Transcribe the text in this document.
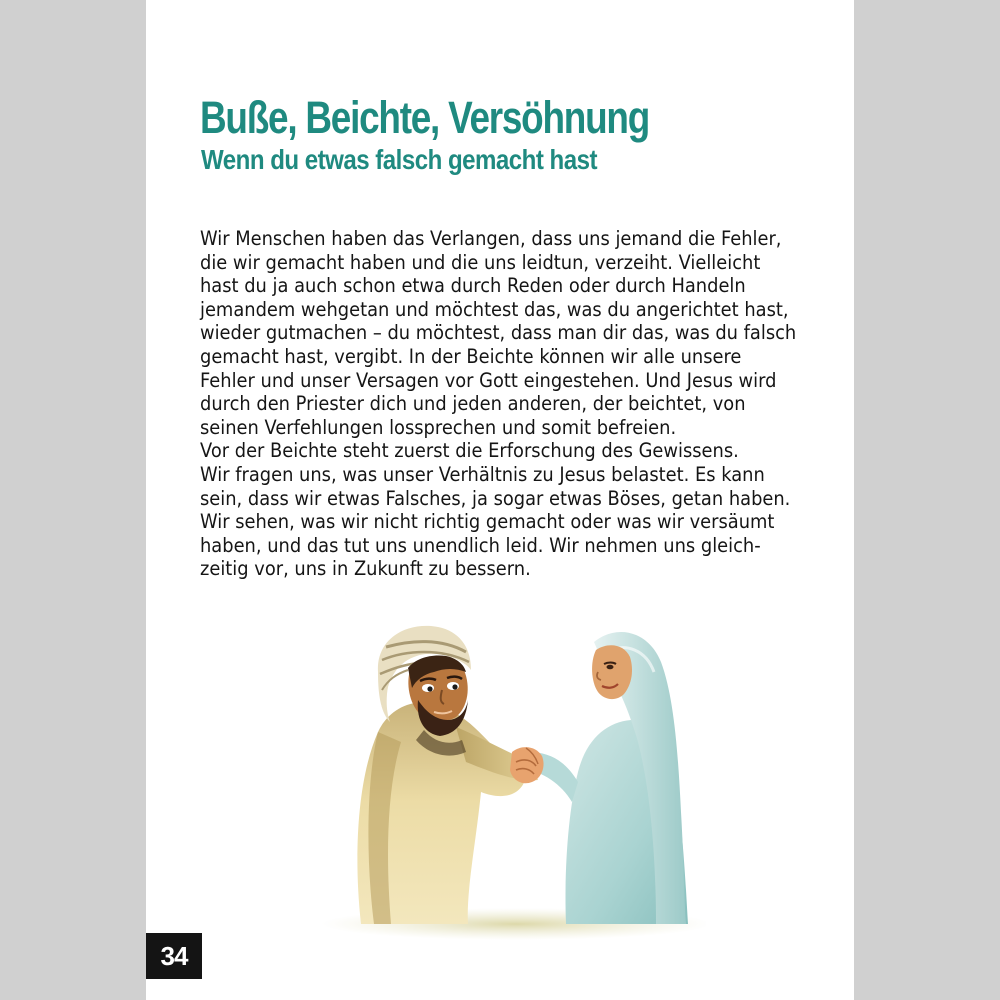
Buße, Beichte, Versöhnung
Wenn du etwas falsch gemacht hast
Wir Menschen haben das Verlangen, dass uns jemand die Fehler,
die wir gemacht haben und die uns leidtun, verzeiht. Vielleicht
hast du ja auch schon etwa durch Reden oder durch Handeln
jemandem wehgetan und möchtest das, was du angerichtet hast,
wieder gutmachen – du möchtest, dass man dir das, was du falsch
gemacht hast, vergibt. In der Beichte können wir alle unsere
Fehler und unser Versagen vor Gott eingestehen. Und Jesus wird
durch den Priester dich und jeden anderen, der beichtet, von
seinen Verfehlungen lossprechen und somit befreien.
Vor der Beichte steht zuerst die Erforschung des Gewissens.
Wir fragen uns, was unser Verhältnis zu Jesus belastet. Es kann
sein, dass wir etwas Falsches, ja sogar etwas Böses, getan haben.
Wir sehen, was wir nicht richtig gemacht oder was wir versäumt
haben, und das tut uns unendlich leid. Wir nehmen uns gleich-
zeitig vor, uns in Zukunft zu bessern.
34
